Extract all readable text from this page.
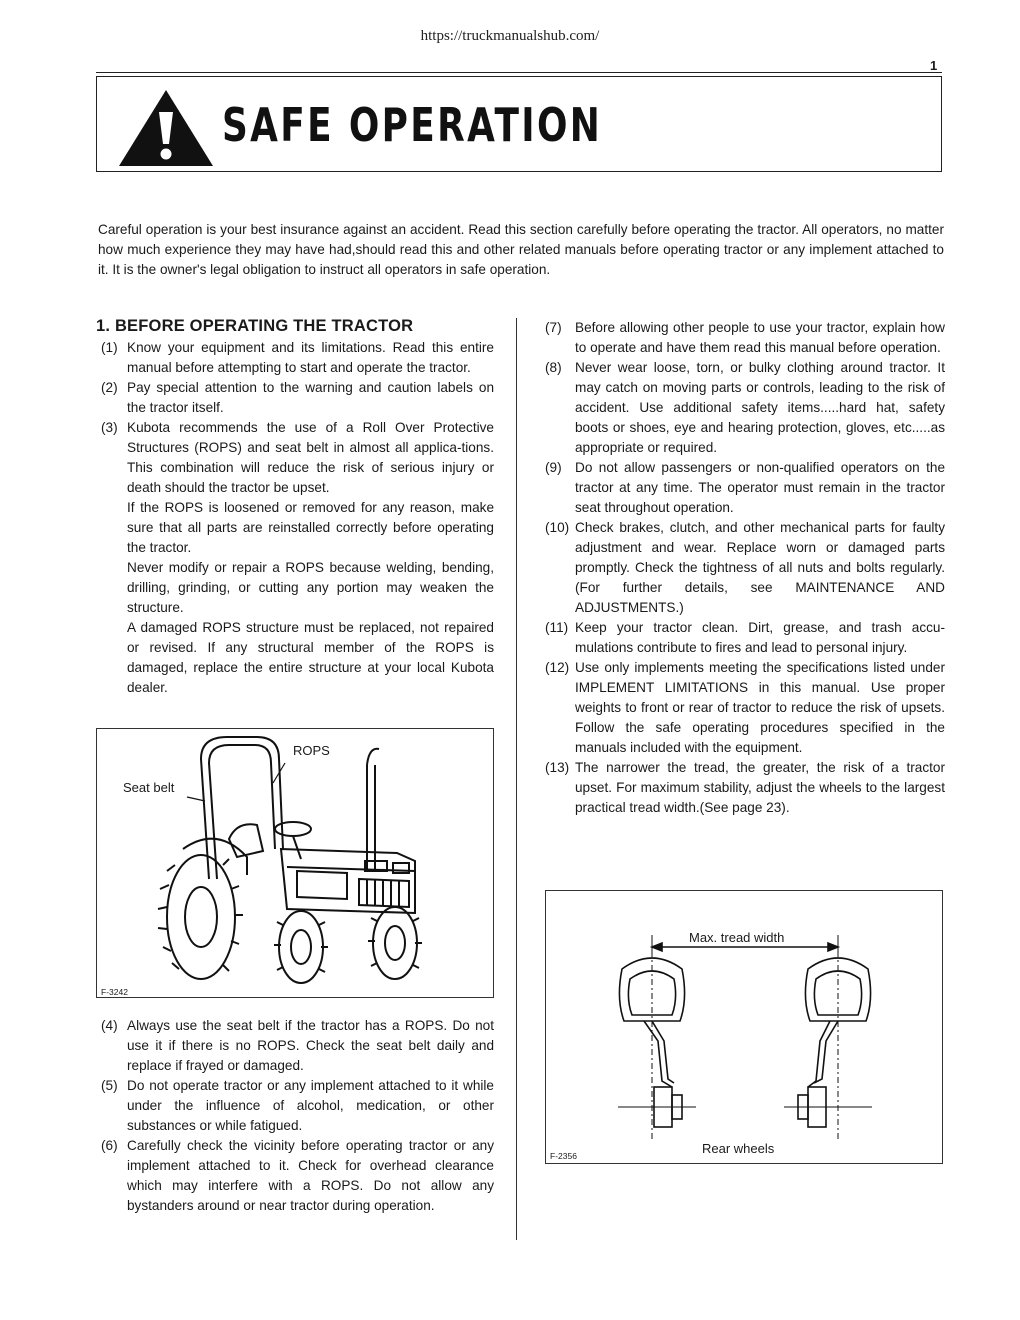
https://truckmanualshub.com/
1
SAFE OPERATION
Careful operation is your best insurance against an accident. Read this section carefully before operating the tractor. All operators, no matter how much experience they may have had,should read this and other related manuals before operating tractor or any implement attached to it. It is the owner's legal obligation to instruct all operators in safe operation.
1. BEFORE OPERATING THE TRACTOR
(1) Know your equipment and its limitations. Read this entire manual before attempting to start and operate the tractor.
(2) Pay special attention to the warning and caution labels on the tractor itself.
(3) Kubota recommends the use of a Roll Over Protective Structures (ROPS) and seat belt in almost all applica-tions. This combination will reduce the risk of serious injury or death should the tractor be upset.
If the ROPS is loosened or removed for any reason, make sure that all parts are reinstalled correctly before operating the tractor.
Never modify or repair a ROPS because welding, bending, drilling, grinding, or cutting any portion may weaken the structure.
A damaged ROPS structure must be replaced, not repaired or revised. If any structural member of the ROPS is damaged, replace the entire structure at your local Kubota dealer.
ROPS
Seat belt
F-3242
(4) Always use the seat belt if the tractor has a ROPS. Do not use it if there is no ROPS. Check the seat belt daily and replace if frayed or damaged.
(5) Do not operate tractor or any implement attached to it while under the influence of alcohol, medication, or other substances or while fatigued.
(6) Carefully check the vicinity before operating tractor or any implement attached to it. Check for overhead clearance which may interfere with a ROPS. Do not allow any bystanders around or near tractor during operation.
(7) Before allowing other people to use your tractor, explain how to operate and have them read this manual before operation.
(8) Never wear loose, torn, or bulky clothing around tractor. It may catch on moving parts or controls, leading to the risk of accident. Use additional safety items.....hard hat, safety boots or shoes, eye and hearing protection, gloves, etc.....as appropriate or required.
(9) Do not allow passengers or non-qualified operators on the tractor at any time. The operator must remain in the tractor seat throughout operation.
(10) Check brakes, clutch, and other mechanical parts for faulty adjustment and wear. Replace worn or damaged parts promptly. Check the tightness of all nuts and bolts regularly. (For further details, see MAINTENANCE AND ADJUSTMENTS.)
(11) Keep your tractor clean. Dirt, grease, and trash accu-mulations contribute to fires and lead to personal injury.
(12) Use only implements meeting the specifications listed under IMPLEMENT LIMITATIONS in this manual. Use proper weights to front or rear of tractor to reduce the risk of upsets. Follow the safe operating procedures specified in the manuals included with the equipment.
(13) The narrower the tread, the greater, the risk of a tractor upset. For maximum stability, adjust the wheels to the largest practical tread width.(See page 23).
Max. tread width
Rear wheels
F-2356
